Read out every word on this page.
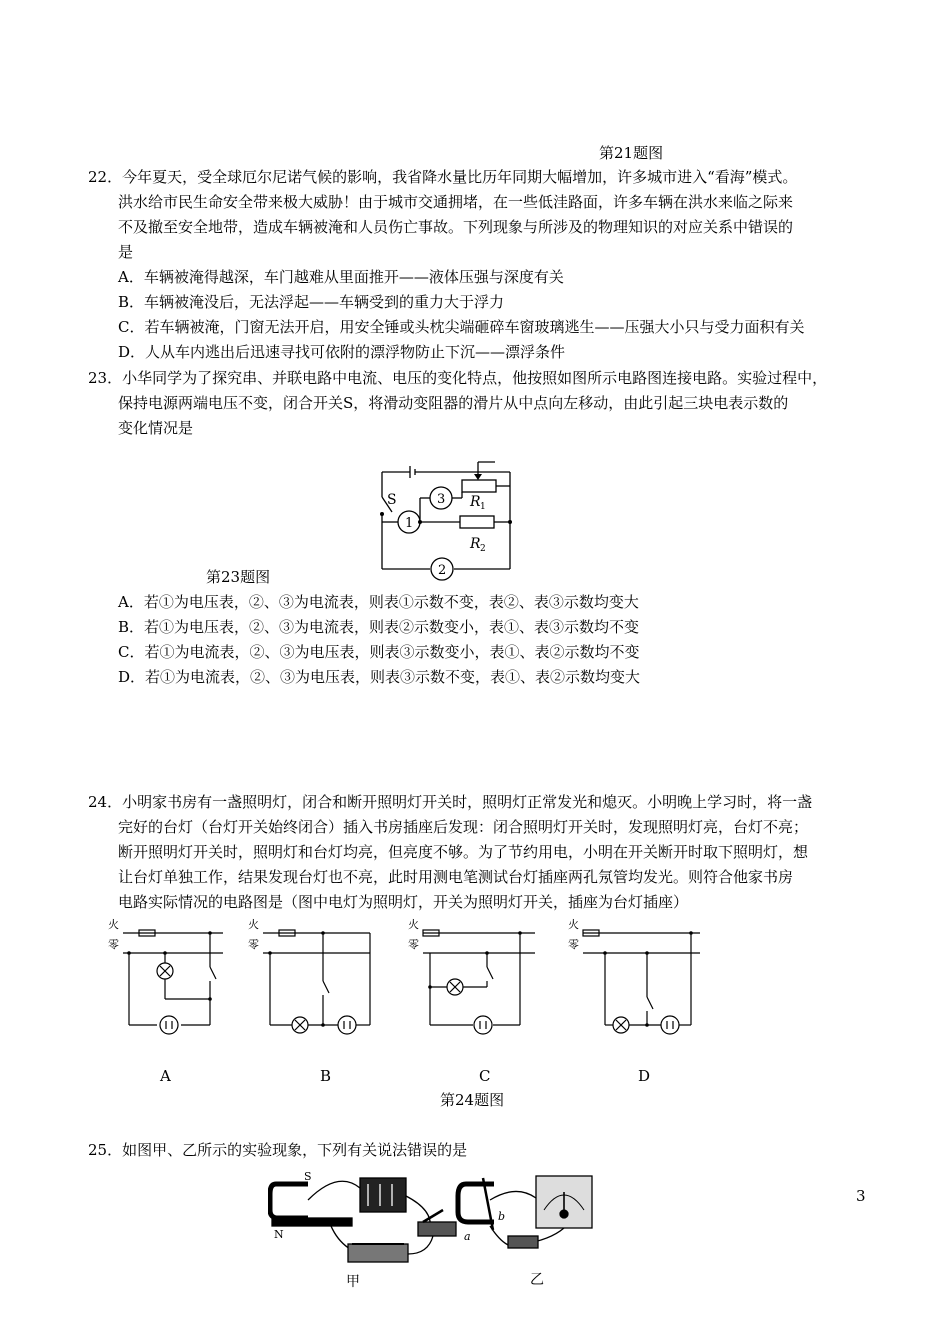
第21题图
22．今年夏天，受全球厄尔尼诺气候的影响，我省降水量比历年同期大幅增加，许多城市进入“看海”模式。
洪水给市民生命安全带来极大威胁！由于城市交通拥堵，在一些低洼路面，许多车辆在洪水来临之际来
不及撤至安全地带，造成车辆被淹和人员伤亡事故。下列现象与所涉及的物理知识的对应关系中错误的
是
A．车辆被淹得越深，车门越难从里面推开——液体压强与深度有关
B．车辆被淹没后，无法浮起——车辆受到的重力大于浮力
C．若车辆被淹，门窗无法开启，用安全锤或头枕尖端砸碎车窗玻璃逃生——压强大小只与受力面积有关
D．人从车内逃出后迅速寻找可依附的漂浮物防止下沉——漂浮条件
23．小华同学为了探究串、并联电路中电流、电压的变化特点，他按照如图所示电路图连接电路。实验过程中，
保持电源两端电压不变，闭合开关S，将滑动变阻器的滑片从中点向左移动，由此引起三块电表示数的
变化情况是
S
1
3
2
R 1
R 2
第23题图
A．若①为电压表，②、③为电流表，则表①示数不变，表②、表③示数均变大
B．若①为电压表，②、③为电流表，则表②示数变小，表①、表③示数均不变
C．若①为电流表，②、③为电压表，则表③示数变小，表①、表②示数均不变
D．若①为电流表，②、③为电压表，则表③示数不变，表①、表②示数均变大
24．小明家书房有一盏照明灯，闭合和断开照明灯开关时，照明灯正常发光和熄灭。小明晚上学习时，将一盏
完好的台灯（台灯开关始终闭合）插入书房插座后发现：闭合照明灯开关时，发现照明灯亮，台灯不亮；
断开照明灯开关时，照明灯和台灯均亮，但亮度不够。为了节约用电，小明在开关断开时取下照明灯，想
让台灯单独工作，结果发现台灯也不亮，此时用测电笔测试台灯插座两孔氖管均发光。则符合他家书房
电路实际情况的电路图是（图中电灯为照明灯，开关为照明灯开关，插座为台灯插座）
火
零
火
零
火
零
火
零
A	B	C	D
第24题图
25．如图甲、乙所示的实验现象，下列有关说法错误的是
S
N	a
b
甲	乙
3
